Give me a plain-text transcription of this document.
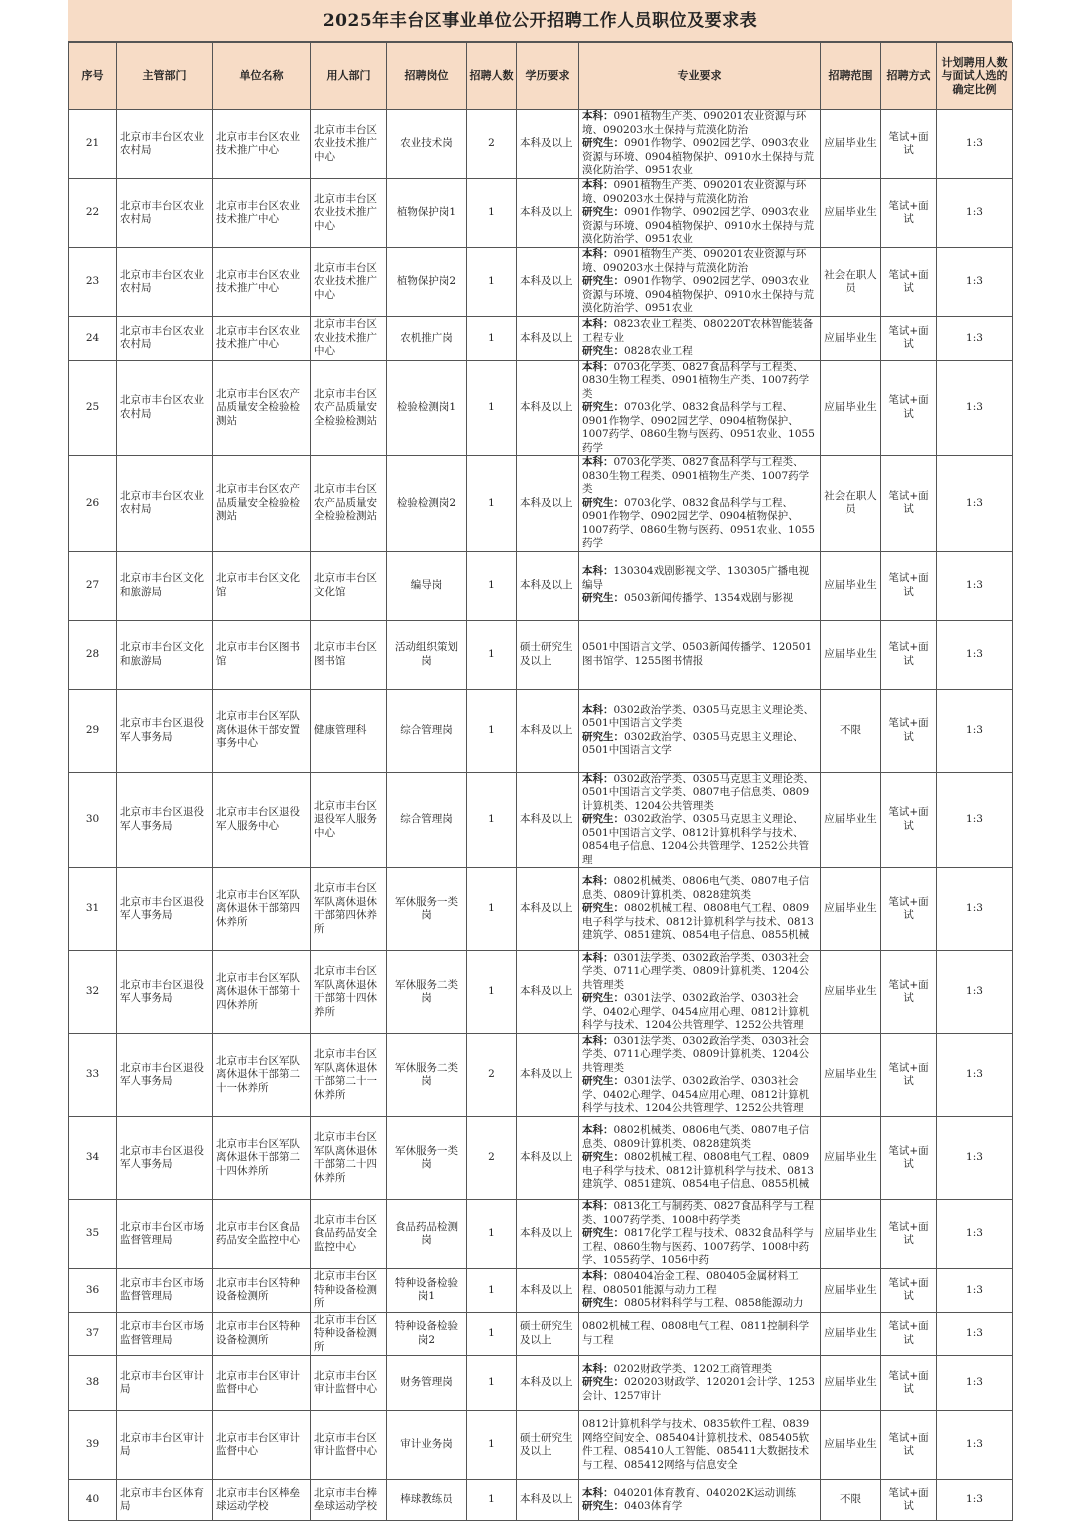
2025年丰台区事业单位公开招聘工作人员职位及要求表
序号	主管部门	单位名称	用人部门	招聘岗位	招聘人数	学历要求	专业要求	招聘范围	招聘方式	计划聘用人数与面试人选的确定比例
21	北京市丰台区农业农村局	北京市丰台区农业技术推广中心	北京市丰台区农业技术推广中心	农业技术岗	2	本科及以上	本科：0901植物生产类、090201农业资源与环境、090203水土保持与荒漠化防治
研究生：0901作物学、0902园艺学、0903农业资源与环境、0904植物保护、0910水土保持与荒漠化防治学、0951农业	应届毕业生	笔试+面试	1:3
22	北京市丰台区农业农村局	北京市丰台区农业技术推广中心	北京市丰台区农业技术推广中心	植物保护岗1	1	本科及以上	本科：0901植物生产类、090201农业资源与环境、090203水土保持与荒漠化防治
研究生：0901作物学、0902园艺学、0903农业资源与环境、0904植物保护、0910水土保持与荒漠化防治学、0951农业	应届毕业生	笔试+面试	1:3
23	北京市丰台区农业农村局	北京市丰台区农业技术推广中心	北京市丰台区农业技术推广中心	植物保护岗2	1	本科及以上	本科：0901植物生产类、090201农业资源与环境、090203水土保持与荒漠化防治
研究生：0901作物学、0902园艺学、0903农业资源与环境、0904植物保护、0910水土保持与荒漠化防治学、0951农业	社会在职人员	笔试+面试	1:3
24	北京市丰台区农业农村局	北京市丰台区农业技术推广中心	北京市丰台区农业技术推广中心	农机推广岗	1	本科及以上	本科：0823农业工程类、080220T农林智能装备工程专业
研究生：0828农业工程	应届毕业生	笔试+面试	1:3
25	北京市丰台区农业农村局	北京市丰台区农产品质量安全检验检测站	北京市丰台区农产品质量安全检验检测站	检验检测岗1	1	本科及以上	本科：0703化学类、0827食品科学与工程类、0830生物工程类、0901植物生产类、1007药学类
研究生：0703化学、0832食品科学与工程、0901作物学、0902园艺学、0904植物保护、1007药学、0860生物与医药、0951农业、1055药学	应届毕业生	笔试+面试	1:3
26	北京市丰台区农业农村局	北京市丰台区农产品质量安全检验检测站	北京市丰台区农产品质量安全检验检测站	检验检测岗2	1	本科及以上	本科：0703化学类、0827食品科学与工程类、0830生物工程类、0901植物生产类、1007药学类
研究生：0703化学、0832食品科学与工程、0901作物学、0902园艺学、0904植物保护、1007药学、0860生物与医药、0951农业、1055药学	社会在职人员	笔试+面试	1:3
27	北京市丰台区文化和旅游局	北京市丰台区文化馆	北京市丰台区文化馆	编导岗	1	本科及以上	本科：130304戏剧影视文学、130305广播电视编导
研究生：0503新闻传播学、1354戏剧与影视	应届毕业生	笔试+面试	1:3
28	北京市丰台区文化和旅游局	北京市丰台区图书馆	北京市丰台区图书馆	活动组织策划岗	1	硕士研究生及以上	0501中国语言文学、0503新闻传播学、120501图书馆学、1255图书情报	应届毕业生	笔试+面试	1:3
29	北京市丰台区退役军人事务局	北京市丰台区军队离休退休干部安置事务中心	健康管理科	综合管理岗	1	本科及以上	本科：0302政治学类、0305马克思主义理论类、0501中国语言文学类
研究生：0302政治学、0305马克思主义理论、0501中国语言文学	不限	笔试+面试	1:3
30	北京市丰台区退役军人事务局	北京市丰台区退役军人服务中心	北京市丰台区退役军人服务中心	综合管理岗	1	本科及以上	本科：0302政治学类、0305马克思主义理论类、0501中国语言文学类、0807电子信息类、0809计算机类、1204公共管理类
研究生：0302政治学、0305马克思主义理论、0501中国语言文学、0812计算机科学与技术、0854电子信息、1204公共管理学、1252公共管理	应届毕业生	笔试+面试	1:3
31	北京市丰台区退役军人事务局	北京市丰台区军队离休退休干部第四休养所	北京市丰台区军队离休退休干部第四休养所	军休服务一类岗	1	本科及以上	本科：0802机械类、0806电气类、0807电子信息类、0809计算机类、0828建筑类
研究生：0802机械工程、0808电气工程、0809电子科学与技术、0812计算机科学与技术、0813建筑学、0851建筑、0854电子信息、0855机械	应届毕业生	笔试+面试	1:3
32	北京市丰台区退役军人事务局	北京市丰台区军队离休退休干部第十四休养所	北京市丰台区军队离休退休干部第十四休养所	军休服务二类岗	1	本科及以上	本科：0301法学类、0302政治学类、0303社会学类、0711心理学类、0809计算机类、1204公共管理类
研究生：0301法学、0302政治学、0303社会学、0402心理学、0454应用心理、0812计算机科学与技术、1204公共管理学、1252公共管理	应届毕业生	笔试+面试	1:3
33	北京市丰台区退役军人事务局	北京市丰台区军队离休退休干部第二十一休养所	北京市丰台区军队离休退休干部第二十一休养所	军休服务二类岗	2	本科及以上	本科：0301法学类、0302政治学类、0303社会学类、0711心理学类、0809计算机类、1204公共管理类
研究生：0301法学、0302政治学、0303社会学、0402心理学、0454应用心理、0812计算机科学与技术、1204公共管理学、1252公共管理	应届毕业生	笔试+面试	1:3
34	北京市丰台区退役军人事务局	北京市丰台区军队离休退休干部第二十四休养所	北京市丰台区军队离休退休干部第二十四休养所	军休服务一类岗	2	本科及以上	本科：0802机械类、0806电气类、0807电子信息类、0809计算机类、0828建筑类
研究生：0802机械工程、0808电气工程、0809电子科学与技术、0812计算机科学与技术、0813建筑学、0851建筑、0854电子信息、0855机械	应届毕业生	笔试+面试	1:3
35	北京市丰台区市场监督管理局	北京市丰台区食品药品安全监控中心	北京市丰台区食品药品安全监控中心	食品药品检测岗	1	本科及以上	本科：0813化工与制药类、0827食品科学与工程类、1007药学类、1008中药学类
研究生：0817化学工程与技术、0832食品科学与工程、0860生物与医药、1007药学、1008中药学、1055药学、1056中药	应届毕业生	笔试+面试	1:3
36	北京市丰台区市场监督管理局	北京市丰台区特种设备检测所	北京市丰台区特种设备检测所	特种设备检验岗1	1	本科及以上	本科：080404冶金工程、080405金属材料工程、080501能源与动力工程
研究生：0805材料科学与工程、0858能源动力	应届毕业生	笔试+面试	1:3
37	北京市丰台区市场监督管理局	北京市丰台区特种设备检测所	北京市丰台区特种设备检测所	特种设备检验岗2	1	硕士研究生及以上	0802机械工程、0808电气工程、0811控制科学与工程	应届毕业生	笔试+面试	1:3
38	北京市丰台区审计局	北京市丰台区审计监督中心	北京市丰台区审计监督中心	财务管理岗	1	本科及以上	本科：0202财政学类、1202工商管理类
研究生：020203财政学、120201会计学、1253会计、1257审计	应届毕业生	笔试+面试	1:3
39	北京市丰台区审计局	北京市丰台区审计监督中心	北京市丰台区审计监督中心	审计业务岗	1	硕士研究生及以上	0812计算机科学与技术、0835软件工程、0839网络空间安全、085404计算机技术、085405软件工程、085410人工智能、085411大数据技术与工程、085412网络与信息安全	应届毕业生	笔试+面试	1:3
40	北京市丰台区体育局	北京市丰台区棒垒球运动学校	北京市丰台棒垒球运动学校	棒球教练员	1	本科及以上	本科：040201体育教育、040202K运动训练
研究生：0403体育学	不限	笔试+面试	1:3
